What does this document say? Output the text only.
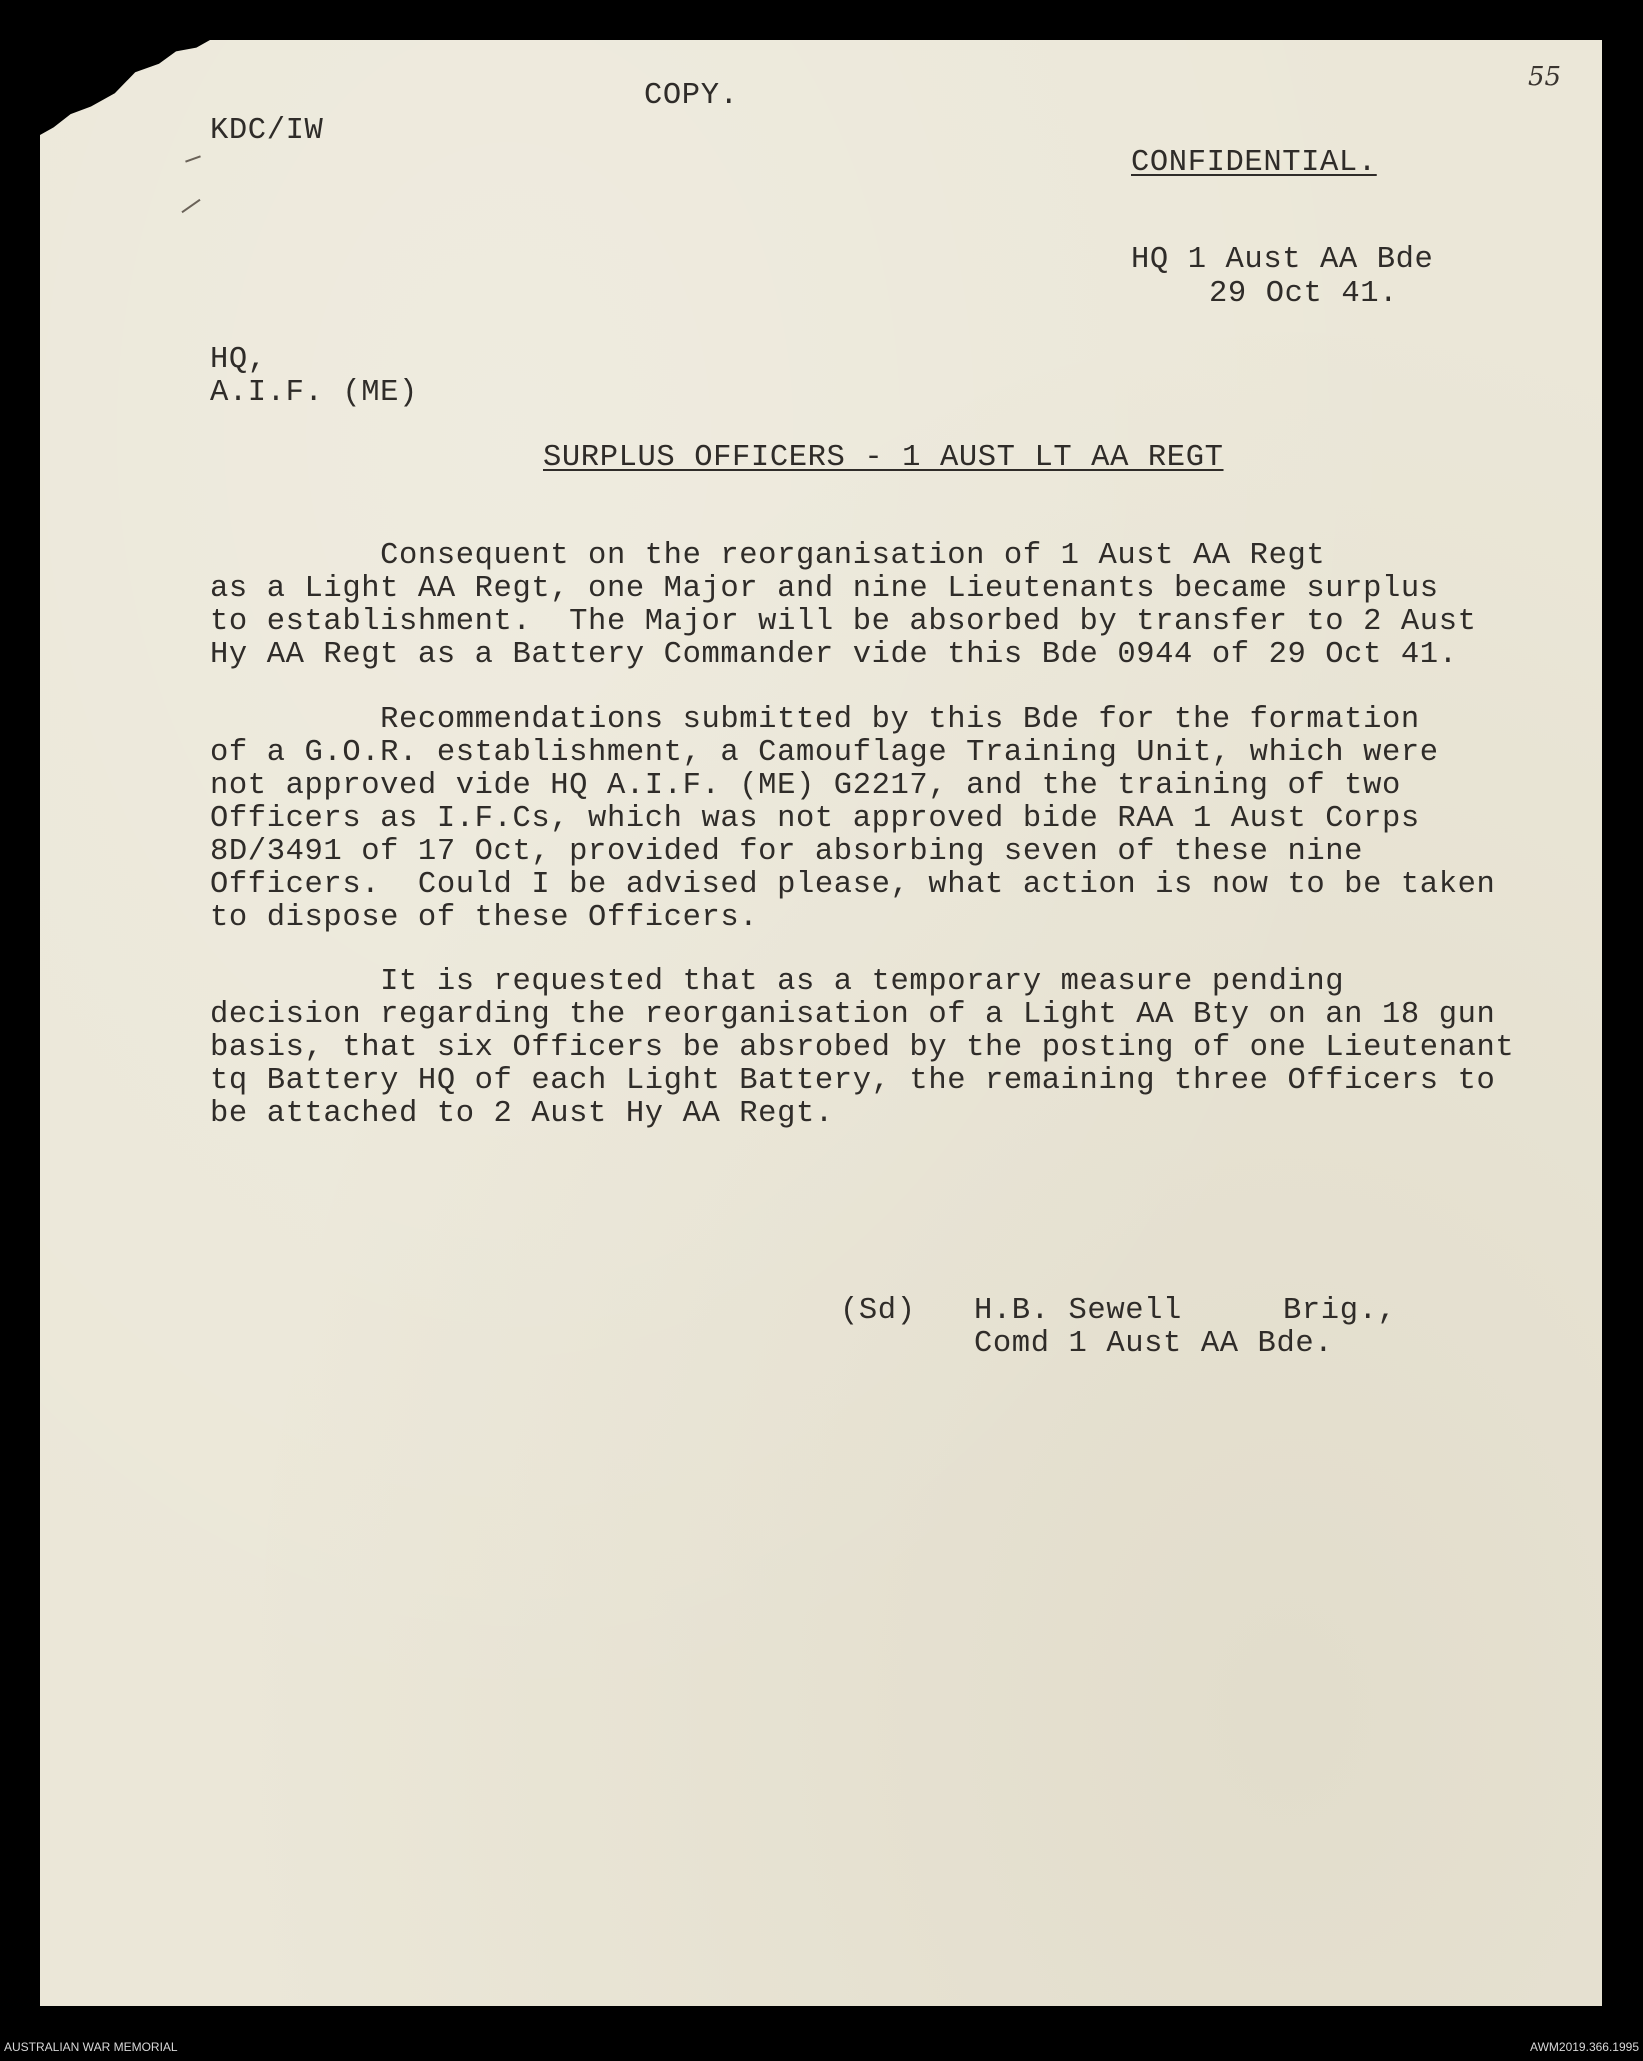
COPY.

KDC/IW

55

CONFIDENTIAL.

HQ 1 Aust AA Bde

29 Oct 41.

HQ,

A.I.F. (ME)

SURPLUS OFFICERS - 1 AUST LT AA REGT

Consequent on the reorganisation of 1 Aust AA Regt

as a Light AA Regt, one Major and nine Lieutenants became surplus

to establishment.  The Major will be absorbed by transfer to 2 Aust

Hy AA Regt as a Battery Commander vide this Bde 0944 of 29 Oct 41.

Recommendations submitted by this Bde for the formation

of a G.O.R. establishment, a Camouflage Training Unit, which were

not approved vide HQ A.I.F. (ME) G2217, and the training of two

Officers as I.F.Cs, which was not approved bide RAA 1 Aust Corps

8D/3491 of 17 Oct, provided for absorbing seven of these nine

Officers.  Could I be advised please, what action is now to be taken

to dispose of these Officers.

It is requested that as a temporary measure pending

decision regarding the reorganisation of a Light AA Bty on an 18 gun

basis, that six Officers be absrobed by the posting of one Lieutenant

tq Battery HQ of each Light Battery, the remaining three Officers to

be attached to 2 Aust Hy AA Regt.

(Sd) H.B. Sewell	Brig.,

Comd 1 Aust AA Bde.

AUSTRALIAN WAR MEMORIAL	AWM2019.366.1995
